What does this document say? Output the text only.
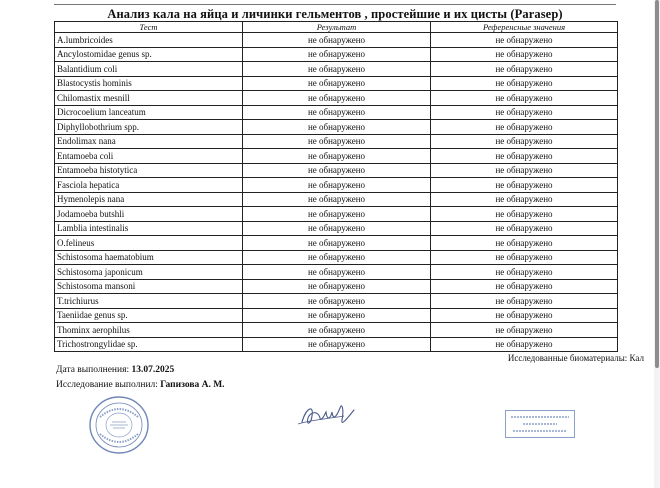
Анализ кала на яйца и личинки гельментов , простейшие и их цисты (Parasep)
Тест	Результат	Референсные значения
A.lumbricoides	не обнаружено	не обнаружено
Ancylostomidae genus sp.	не обнаружено	не обнаружено
Balantidium coli	не обнаружено	не обнаружено
Blastocystis hominis	не обнаружено	не обнаружено
Chilomastix mesnill	не обнаружено	не обнаружено
Dicrocoelium lanceatum	не обнаружено	не обнаружено
Diphyllobothrium spp.	не обнаружено	не обнаружено
Endolimax nana	не обнаружено	не обнаружено
Entamoeba coli	не обнаружено	не обнаружено
Entamoeba histotytica	не обнаружено	не обнаружено
Fasciola hepatica	не обнаружено	не обнаружено
Hymenolepis nana	не обнаружено	не обнаружено
Jodamoeba butshli	не обнаружено	не обнаружено
Lamblia intestinalis	не обнаружено	не обнаружено
O.felineus	не обнаружено	не обнаружено
Schistosoma haematobium	не обнаружено	не обнаружено
Schistosoma japonicum	не обнаружено	не обнаружено
Schistosoma mansoni	не обнаружено	не обнаружено
T.trichiurus	не обнаружено	не обнаружено
Taeniidae genus sp.	не обнаружено	не обнаружено
Thominx aerophilus	не обнаружено	не обнаружено
Trichostrongylidae sp.	не обнаружено	не обнаружено
Исследованные биоматериалы: Кал
Дата выполнения: 13.07.2025
Исследование выполнил: Гапизова А. М.
